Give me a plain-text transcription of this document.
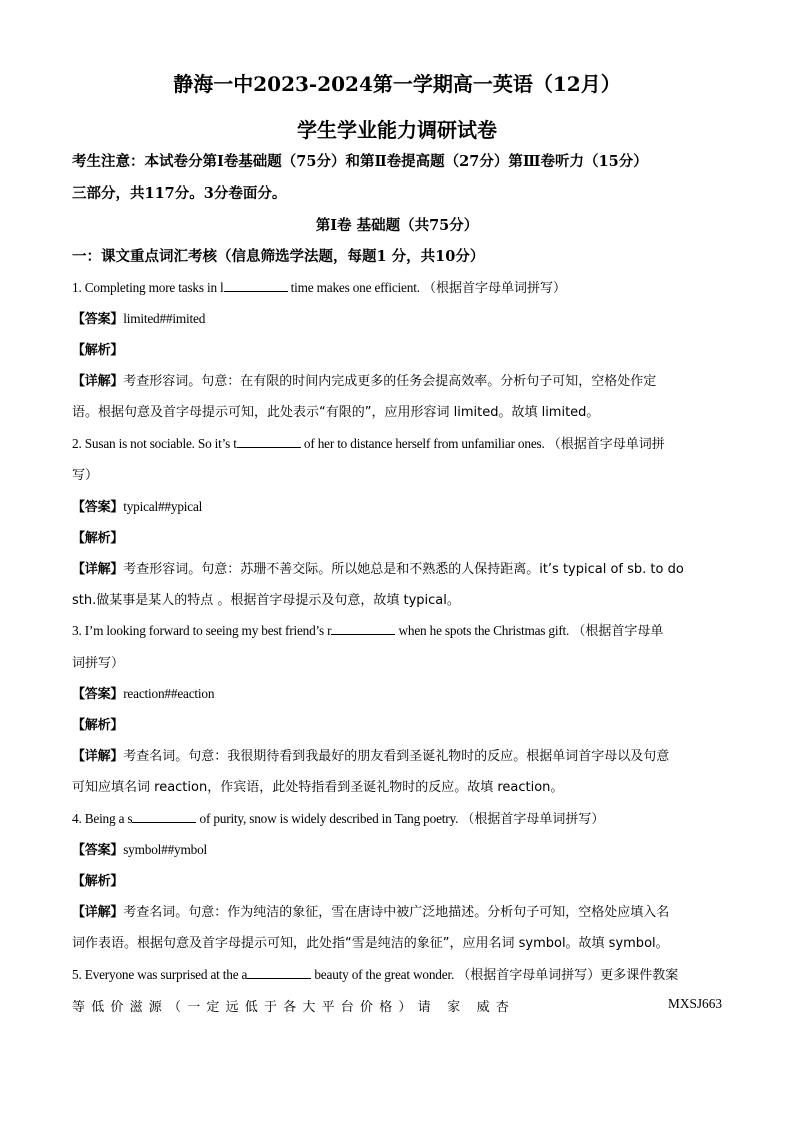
静海一中2023-2024第一学期高一英语（12月）
学生学业能力调研试卷
考生注意：本试卷分第Ⅰ卷基础题（75分）和第Ⅱ卷提高题（27分）第Ⅲ卷听力（15分）
三部分，共117分。3分卷面分。
第Ⅰ卷 基础题（共75分）
一：课文重点词汇考核（信息筛选学法题，每题1 分，共10分）
1. Completing more tasks in l	time makes one efficient. （根据首字母单词拼写）
【答案】limited##imited
【解析】
【详解】考查形容词。句意：在有限的时间内完成更多的任务会提高效率。分析句子可知，空格处作定
语。根据句意及首字母提示可知，此处表示“有限的”，应用形容词 limited。故填 limited。
2. Susan is not sociable. So it’s t	of her to distance herself from unfamiliar ones. （根据首字母单词拼
写）
【答案】typical##ypical
【解析】
【详解】考查形容词。句意：苏珊不善交际。所以她总是和不熟悉的人保持距离。it’s typical of sb. to do
sth.做某事是某人的特点 。根据首字母提示及句意，故填 typical。
3. I’m looking forward to seeing my best friend’s r	when he spots the Christmas gift. （根据首字母单
词拼写）
【答案】reaction##eaction
【解析】
【详解】考查名词。句意：我很期待看到我最好的朋友看到圣诞礼物时的反应。根据单词首字母以及句意
可知应填名词 reaction，作宾语，此处特指看到圣诞礼物时的反应。故填 reaction。
4. Being a s	of purity, snow is widely described in Tang poetry. （根据首字母单词拼写）
【答案】symbol##ymbol
【解析】
【详解】考查名词。句意：作为纯洁的象征，雪在唐诗中被广泛地描述。分析句子可知，空格处应填入名
词作表语。根据句意及首字母提示可知，此处指“雪是纯洁的象征”，应用名词 symbol。故填 symbol。
5. Everyone was surprised at the a	beauty of the great wonder. （根据首字母单词拼写）更多课件教案
等低价滋源（一定远低于各大平台价格）请 家 威杏	MXSJ663
